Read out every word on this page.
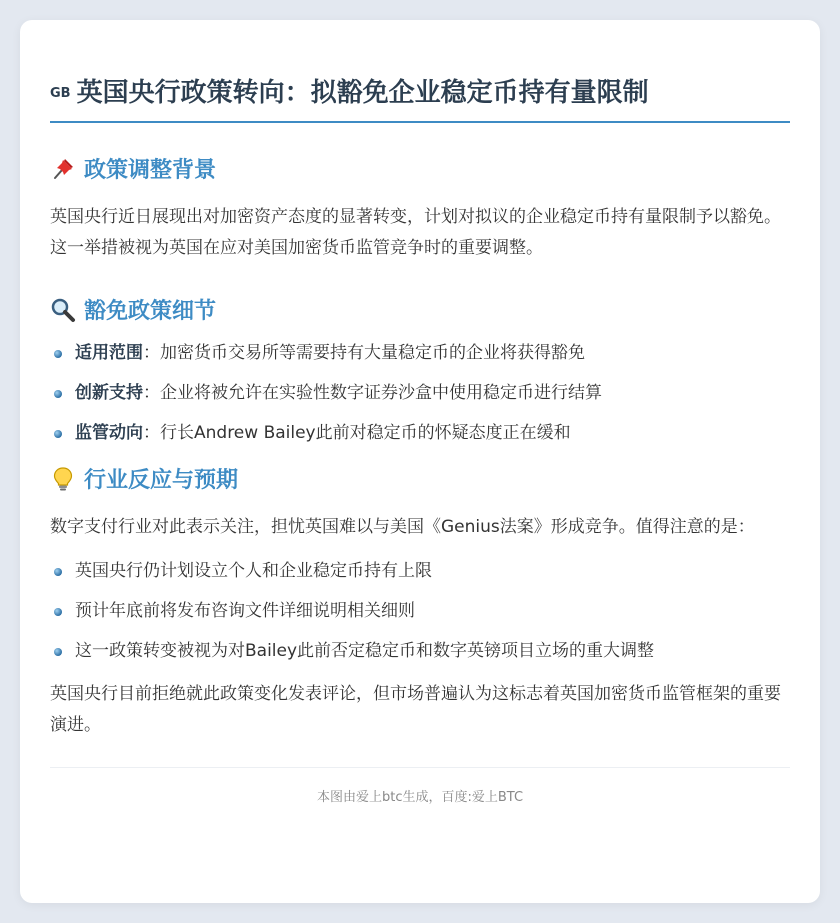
GB 英国央行政策转向：拟豁免企业稳定币持有量限制
政策调整背景

英国央行近日展现出对加密资产态度的显著转变，计划对拟议的企业稳定币持有量限制予以豁免。这一举措被视为英国在应对美国加密货币监管竞争时的重要调整。

豁免政策细节
适用范围：加密货币交易所等需要持有大量稳定币的企业将获得豁免
创新支持：企业将被允许在实验性数字证券沙盒中使用稳定币进行结算
监管动向：行长Andrew Bailey此前对稳定币的怀疑态度正在缓和
行业反应与预期

数字支付行业对此表示关注，担忧英国难以与美国《Genius法案》形成竞争。值得注意的是：

英国央行仍计划设立个人和企业稳定币持有上限
预计年底前将发布咨询文件详细说明相关细则
这一政策转变被视为对Bailey此前否定稳定币和数字英镑项目立场的重大调整

英国央行目前拒绝就此政策变化发表评论，但市场普遍认为这标志着英国加密货币监管框架的重要演进。

本图由爱上btc生成，百度:爱上BTC
